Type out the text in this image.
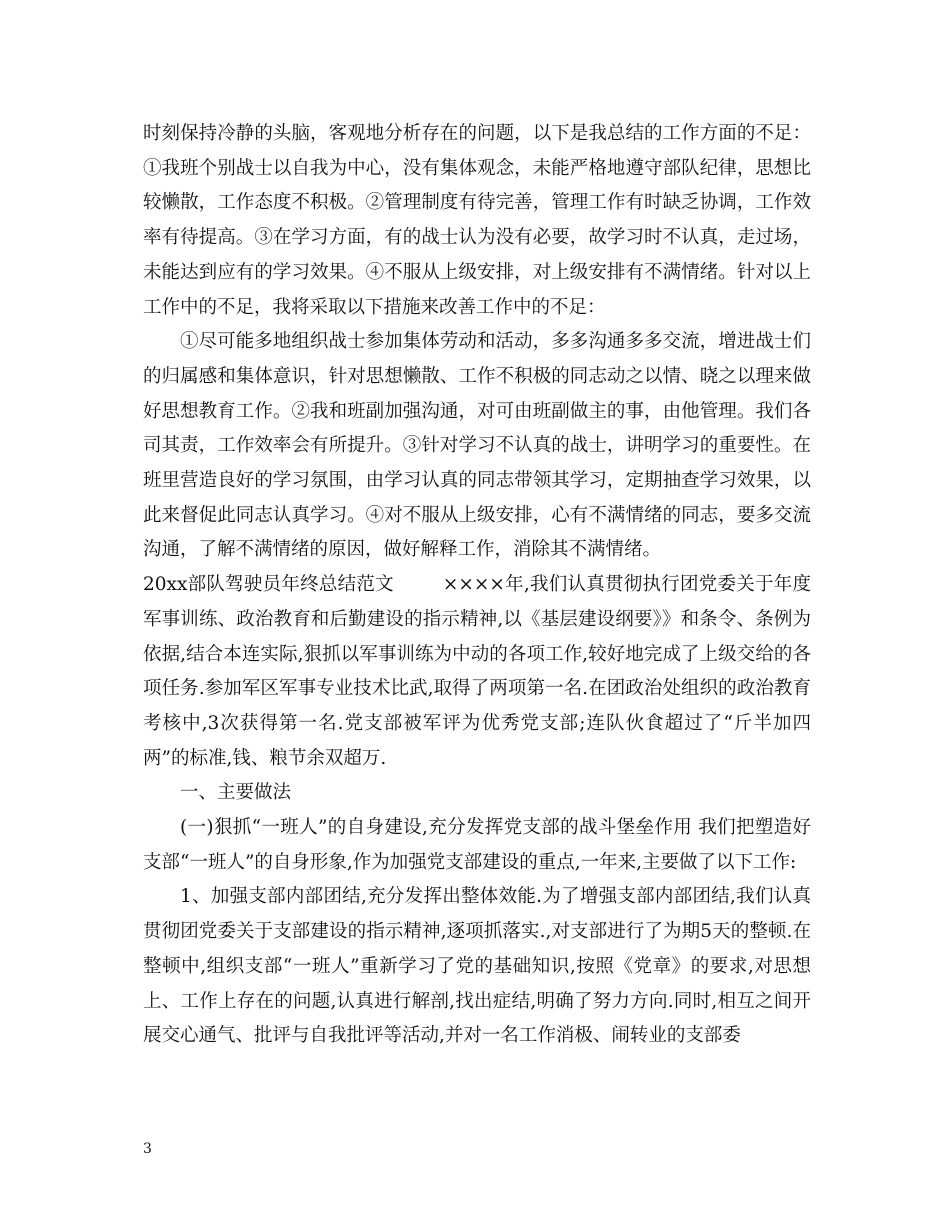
时刻保持冷静的头脑，客观地分析存在的问题，以下是我总结的工作方面的不足：①我班个别战士以自我为中心，没有集体观念，未能严格地遵守部队纪律，思想比较懒散，工作态度不积极。②管理制度有待完善，管理工作有时缺乏协调，工作效率有待提高。③在学习方面，有的战士认为没有必要，故学习时不认真，走过场，未能达到应有的学习效果。④不服从上级安排，对上级安排有不满情绪。针对以上工作中的不足，我将采取以下措施来改善工作中的不足：

①尽可能多地组织战士参加集体劳动和活动，多多沟通多多交流，增进战士们的归属感和集体意识，针对思想懒散、工作不积极的同志动之以情、晓之以理来做好思想教育工作。②我和班副加强沟通，对可由班副做主的事，由他管理。我们各司其责，工作效率会有所提升。③针对学习不认真的战士，讲明学习的重要性。在班里营造良好的学习氛围，由学习认真的同志带领其学习，定期抽查学习效果，以此来督促此同志认真学习。④对不服从上级安排，心有不满情绪的同志，要多交流沟通，了解不满情绪的原因，做好解释工作，消除其不满情绪。

20xx部队驾驶员年终总结范文        ××××年,我们认真贯彻执行团党委关于年度军事训练、政治教育和后勤建设的指示精神,以《基层建设纲要》》和条令、条例为依据,结合本连实际,狠抓以军事训练为中动的各项工作,较好地完成了上级交给的各项任务.参加军区军事专业技术比武,取得了两项第一名.在团政治处组织的政治教育考核中,3次获得第一名.党支部被军评为优秀党支部;连队伙食超过了“斤半加四两”的标准,钱、粮节余双超万.

一、主要做法

(一)狠抓“一班人”的自身建设,充分发挥党支部的战斗堡垒作用 我们把塑造好支部“一班人”的自身形象,作为加强党支部建设的重点,一年来,主要做了以下工作:

1、加强支部内部团结,充分发挥出整体效能.为了增强支部内部团结,我们认真贯彻团党委关于支部建设的指示精神,逐项抓落实.,对支部进行了为期5天的整顿.在整顿中,组织支部“一班人”重新学习了党的基础知识,按照《党章》的要求,对思想上、工作上存在的问题,认真进行解剖,找出症结,明确了努力方向.同时,相互之间开展交心通气、批评与自我批评等活动,并对一名工作消极、闹转业的支部委

3
